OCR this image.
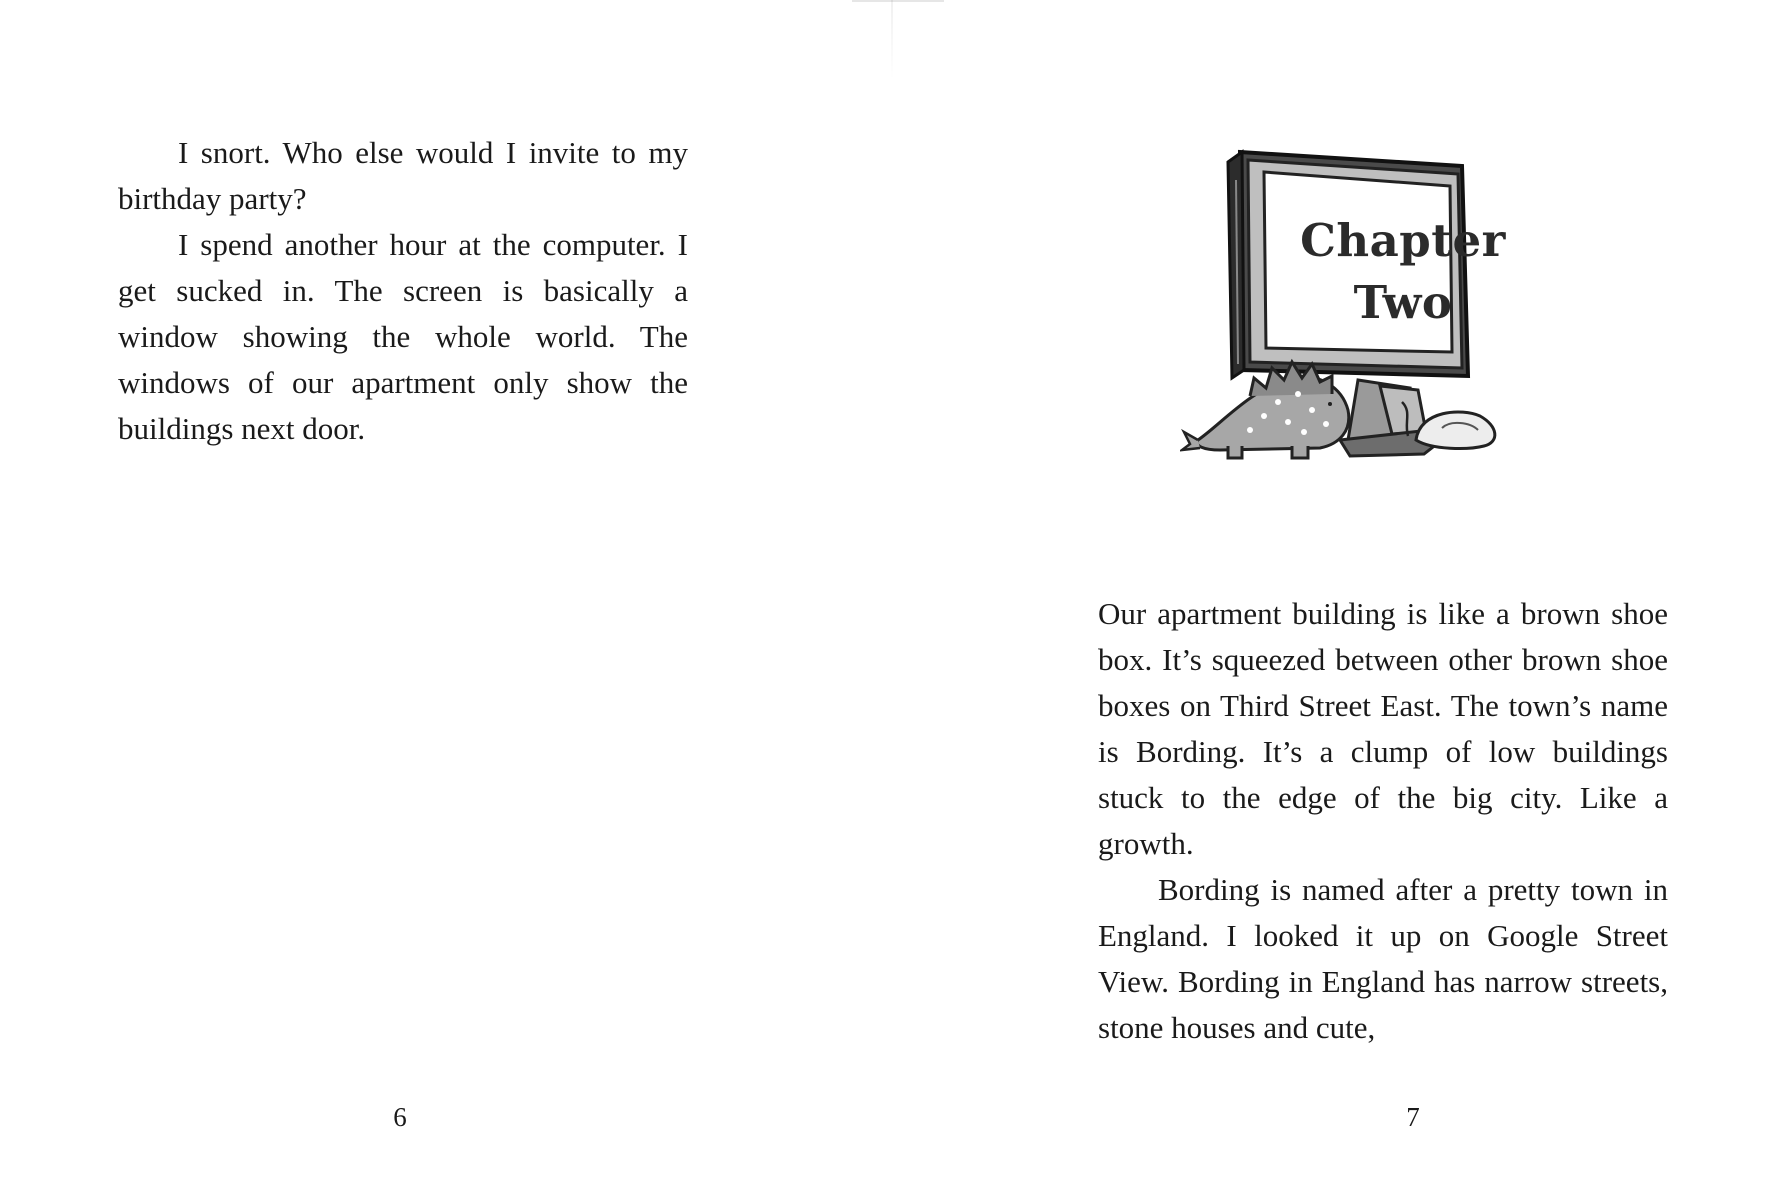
I snort. Who else would I invite to my birthday party?

I spend another hour at the computer. I get sucked in. The screen is basically a window showing the whole world. The windows of our apartment only show the buildings next door.

6
Chapter
Two

Our apartment building is like a brown shoe box. It’s squeezed between other brown shoe boxes on Third Street East. The town’s name is Bording. It’s a clump of low buildings stuck to the edge of the big city. Like a growth.

Bording is named after a pretty town in England. I looked it up on Google Street View. Bording in England has narrow streets, stone houses and cute,

7
